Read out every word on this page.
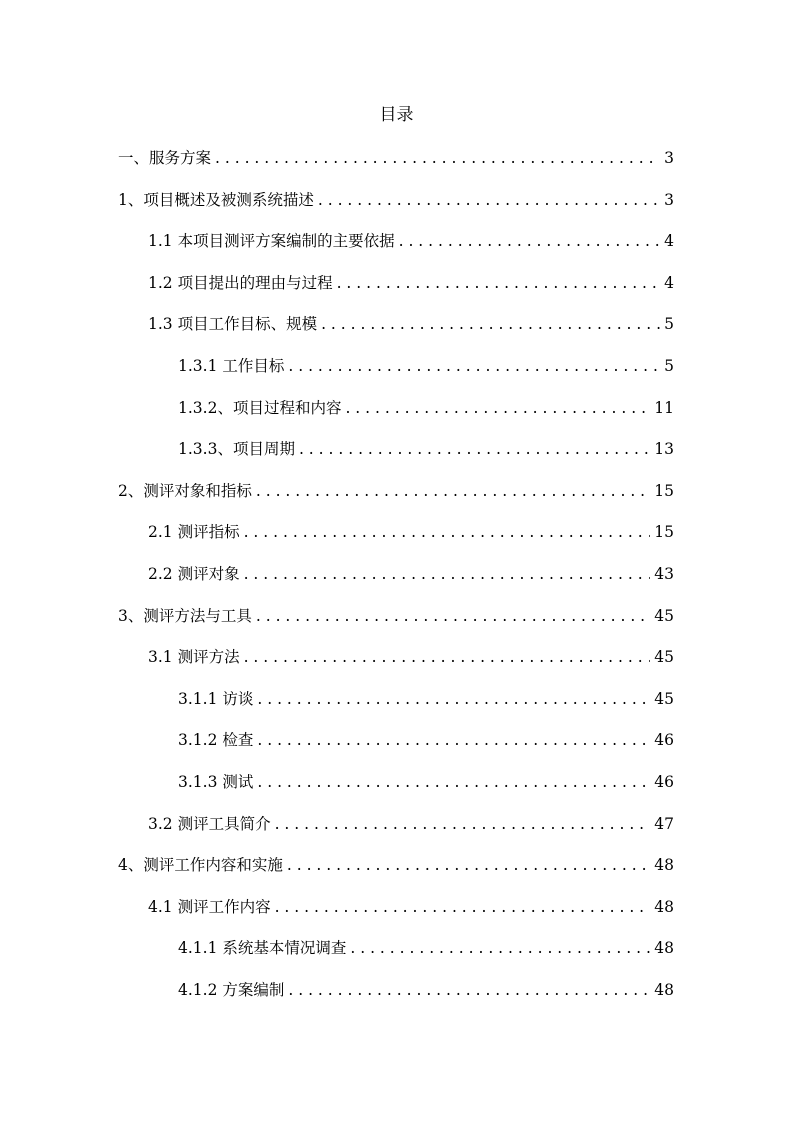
目录
一、服务方案 . . .	3
1、项目概述及被测系统描述 . . .	3
1.1 本项目测评方案编制的主要依据 . . .	4
1.2 项目提出的理由与过程 . . .	4
1.3 项目工作目标、规模 . . .	5
1.3.1 工作目标 . . .	5
1.3.2、项目过程和内容 . . .	11
1.3.3、项目周期 . . .	13
2、测评对象和指标 . . .	15
2.1 测评指标 . . .	15
2.2 测评对象 . . .	43
3、测评方法与工具 . . .	45
3.1 测评方法 . . .	45
3.1.1 访谈 . . .	45
3.1.2 检查 . . .	46
3.1.3 测试 . . .	46
3.2 测评工具简介 . . .	47
4、测评工作内容和实施 . . .	48
4.1 测评工作内容 . . .	48
4.1.1 系统基本情况调查 . . .	48
4.1.2 方案编制 . . .	48
